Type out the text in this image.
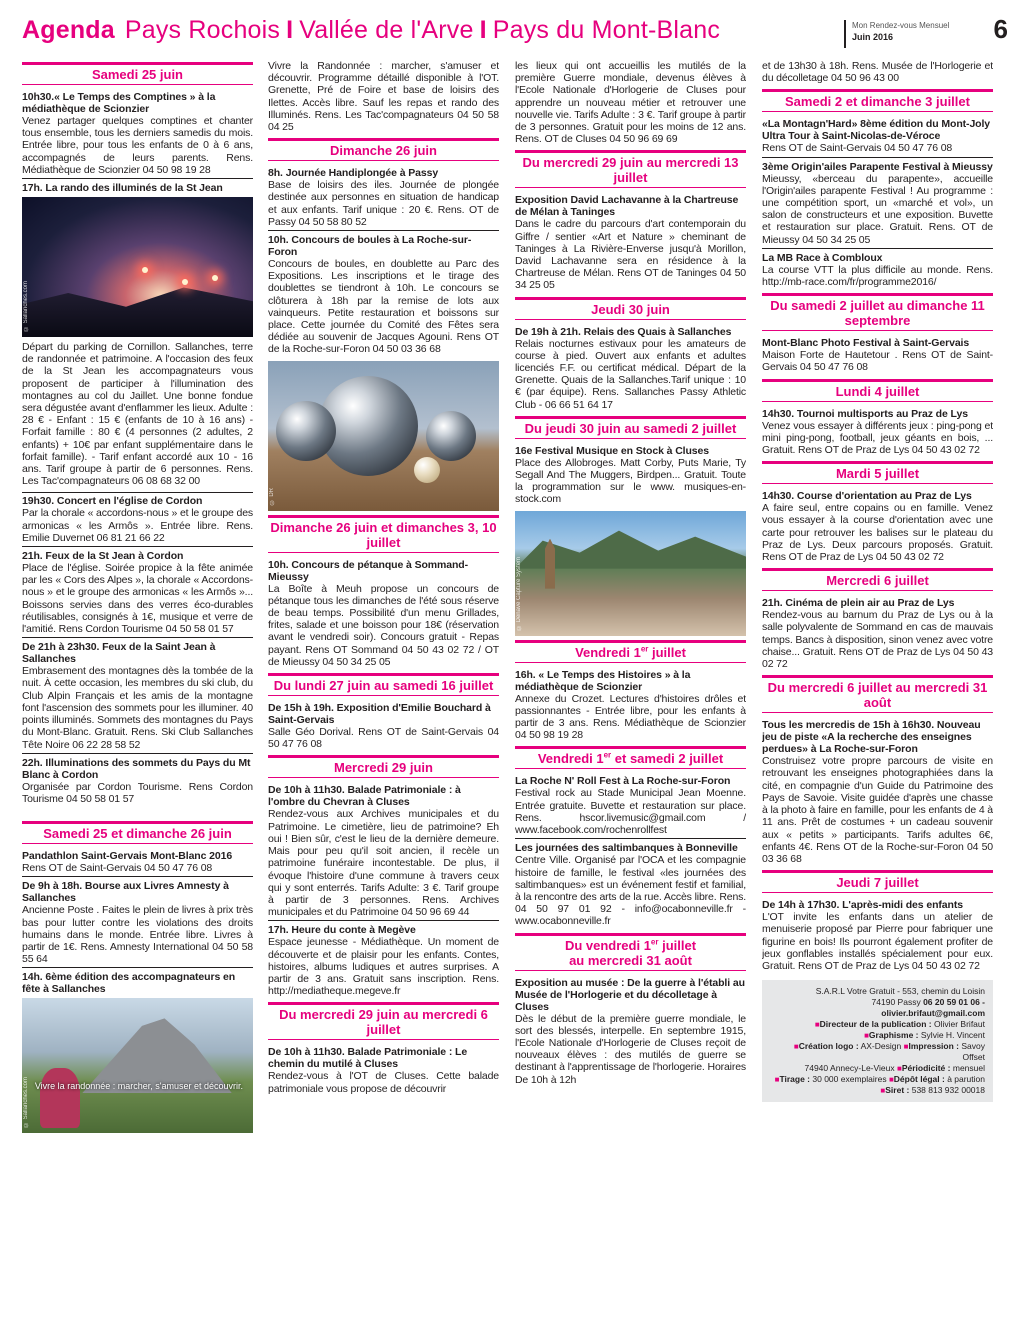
Agenda Pays Rochois I Vallée de l'Arve I Pays du Mont-Blanc	Mon Rendez-vous Mensuel
Juin 2016	6
Samedi 25 juin
10h30.« Le Temps des Comptines » à la médiathèque de Scionzier
Venez partager quelques comptines et chanter tous ensemble, tous les derniers samedis du mois. Entrée libre, pour tous les enfants de 0 à 6 ans, accompagnés de leurs parents. Rens. Médiathèque de Scionzier 04 50 98 19 28
17h. La rando des illuminés de la St Jean
© Sallanches.com
Départ du parking de Cornillon. Sallanches, terre de randonnée et patrimoine. A l'occasion des feux de la St Jean les accompagnateurs vous proposent de participer à l'illumination des montagnes au col du Jaillet. Une bonne fondue sera dégustée avant d'enflammer les lieux. Adulte : 28 € - Enfant : 15 € (enfants de 10 à 16 ans) - Forfait famille : 80 € (4 personnes (2 adultes, 2 enfants) + 10€ par enfant supplémentaire dans le forfait famille). - Tarif enfant accordé aux 10 - 16 ans. Tarif groupe à partir de 6 personnes. Rens. Les Tac'compagnateurs 06 08 68 32 00
19h30. Concert en l'église de Cordon
Par la chorale « accordons-nous » et le groupe des armonicas « les Armôs ». Entrée libre. Rens. Emilie Duvernet 06 81 21 66 22
21h. Feux de la St Jean à Cordon
Place de l'église. Soirée propice à la fête animée par les « Cors des Alpes », la chorale « Accordons-nous » et le groupe des armonicas « les Armôs »... Boissons servies dans des verres éco-durables réutilisables, consignés à 1€, musique et verre de l'amitié. Rens Cordon Tourisme 04 50 58 01 57
De 21h à 23h30. Feux de la Saint Jean à Sallanches
Embrasement des montagnes dès la tombée de la nuit. À cette occasion, les membres du ski club, du Club Alpin Français et les amis de la montagne font l'ascension des sommets pour les illuminer. 40 points illuminés. Sommets des montagnes du Pays du Mont-Blanc. Gratuit. Rens. Ski Club Sallanches Tête Noire 06 22 28 58 52
22h. Illuminations des sommets du Pays du Mt Blanc à Cordon
Organisée par Cordon Tourisme. Rens Cordon Tourisme 04 50 58 01 57
Samedi 25 et dimanche 26 juin
Pandathlon Saint-Gervais Mont-Blanc 2016
Rens OT de Saint-Gervais 04 50 47 76 08
De 9h à 18h. Bourse aux Livres Amnesty à Sallanches
Ancienne Poste . Faites le plein de livres à prix très bas pour lutter contre les violations des droits humains dans le monde. Entrée libre. Livres à partir de 1€. Rens. Amnesty International 04 50 58 55 64
14h. 6ème édition des accompagnateurs en fête à Sallanches
Vivre la randonnée : marcher, s'amuser et découvrir.
© Sallanches.com
Vivre la Randonnée : marcher, s'amuser et découvrir. Programme détaillé disponible à l'OT. Grenette, Pré de Foire et base de loisirs des Ilettes. Accès libre. Sauf les repas et rando des Illuminés. Rens. Les Tac'compagnateurs 04 50 58 04 25
Dimanche 26 juin
8h. Journée Handiplongée à Passy
Base de loisirs des iles. Journée de plongée destinée aux personnes en situation de handicap et aux enfants. Tarif unique : 20 €. Rens. OT de Passy 04 50 58 80 52
10h. Concours de boules à La Roche-sur-Foron
Concours de boules, en doublette au Parc des Expositions. Les inscriptions et le tirage des doublettes se tiendront à 10h. Le concours se clôturera à 18h par la remise de lots aux vainqueurs. Petite restauration et boissons sur place. Cette journée du Comité des Fêtes sera dédiée au souvenir de Jacques Agouni. Rens OT de la Roche-sur-Foron 04 50 03 36 68
© DR
Dimanche 26 juin et dimanches 3, 10 juillet
10h. Concours de pétanque à Sommand-Mieussy
La Boîte à Meuh propose un concours de pétanque tous les dimanches de l'été sous réserve de beau temps. Possibilité d'un menu Grillades, frites, salade et une boisson pour 18€ (réservation avant le vendredi soir). Concours gratuit - Repas payant. Rens OT Sommand 04 50 43 02 72 / OT de Mieussy 04 50 34 25 05
Du lundi 27 juin au samedi 16 juillet
De 15h à 19h. Exposition d'Emilie Bouchard à Saint-Gervais
Salle Géo Dorival. Rens OT de Saint-Gervais 04 50 47 76 08
Mercredi 29 juin
De 10h à 11h30. Balade Patrimoniale : à l'ombre du Chevran à Cluses
Rendez-vous aux Archives municipales et du Patrimoine. Le cimetière, lieu de patrimoine? Eh oui ! Bien sûr, c'est le lieu de la dernière demeure. Mais pour peu qu'il soit ancien, il recèle un patrimoine funéraire incontestable. De plus, il évoque l'histoire d'une commune à travers ceux qui y sont enterrés. Tarifs Adulte: 3 €. Tarif groupe à partir de 3 personnes. Rens. Archives municipales et du Patrimoine 04 50 96 69 44
17h. Heure du conte à Megève
Espace jeunesse - Médiathèque. Un moment de découverte et de plaisir pour les enfants. Contes, histoires, albums ludiques et autres surprises. A partir de 3 ans. Gratuit sans inscription. Rens. http://mediatheque.megeve.fr
Du mercredi 29 juin au mercredi 6 juillet
De 10h à 11h30. Balade Patrimoniale : Le chemin du mutilé à Cluses
Rendez-vous à l'OT de Cluses. Cette balade patrimoniale vous propose de découvrir
les lieux qui ont accueillis les mutilés de la première Guerre mondiale, devenus élèves à l'Ecole Nationale d'Horlogerie de Cluses pour apprendre un nouveau métier et retrouver une nouvelle vie. Tarifs Adulte : 3 €. Tarif groupe à partir de 3 personnes. Gratuit pour les moins de 12 ans. Rens. OT de Cluses 04 50 96 69 69
Du mercredi 29 juin au mercredi 13 juillet
Exposition David Lachavanne à la Chartreuse de Mélan à Taninges
Dans le cadre du parcours d'art contemporain du Giffre / sentier «Art et Nature » cheminant de Taninges à La Rivière-Enverse jusqu'à Morillon, David Lachavanne sera en résidence à la Chartreuse de Mélan. Rens OT de Taninges 04 50 34 25 05
Jeudi 30 juin
De 19h à 21h. Relais des Quais à Sallanches
Relais nocturnes estivaux pour les amateurs de course à pied. Ouvert aux enfants et adultes licenciés F.F. ou certificat médical. Départ de la Grenette. Quais de la Sallanches.Tarif unique : 10 € (par équipe). Rens. Sallanches Passy Athletic Club - 06 66 51 64 17
Du jeudi 30 juin au samedi 2 juillet
16e Festival Musique en Stock à Cluses
Place des Allobroges. Matt Corby, Puts Marie, Ty Segall And The Muggers, Birdpen... Gratuit. Toute la programmation sur le www. musiques-en-stock.com
© Denave Capture System
Vendredi 1er juillet
16h. « Le Temps des Histoires » à la médiathèque de Scionzier
Annexe du Crozet. Lectures d'histoires drôles et passionnantes - Entrée libre, pour les enfants à partir de 3 ans. Rens. Médiathèque de Scionzier 04 50 98 19 28
Vendredi 1er et samedi 2 juillet
La Roche N' Roll Fest à La Roche-sur-Foron
Festival rock au Stade Municipal Jean Moenne. Entrée gratuite. Buvette et restauration sur place. Rens. hscor.livemusic@gmail.com / www.facebook.com/rochenrollfest
Les journées des saltimbanques à Bonneville
Centre Ville. Organisé par l'OCA et les compagnie histoire de famille, le festival «les journées des saltimbanques» est un événement festif et familial, à la rencontre des arts de la rue. Accès libre. Rens. 04 50 97 01 92 - info@ocabonneville.fr - www.ocabonneville.fr
Du vendredi 1er juillet
au mercredi 31 août
Exposition au musée : De la guerre à l'établi au Musée de l'Horlogerie et du décolletage à Cluses
Dès le début de la première guerre mondiale, le sort des blessés, interpelle. En septembre 1915, l'Ecole Nationale d'Horlogerie de Cluses reçoit de nouveaux élèves : des mutilés de guerre se destinant à l'apprentissage de l'horlogerie. Horaires De 10h à 12h
et de 13h30 à 18h. Rens. Musée de l'Horlogerie et du décolletage 04 50 96 43 00
Samedi 2 et dimanche 3 juillet
«La Montagn'Hard» 8ème édition du Mont-Joly Ultra Tour à Saint-Nicolas-de-Véroce
Rens OT de Saint-Gervais 04 50 47 76 08
3ème Origin'ailes Parapente Festival à Mieussy
Mieussy, «berceau du parapente», accueille l'Origin'ailes parapente Festival ! Au programme : une compétition sport, un «marché et vol», un salon de constructeurs et une exposition. Buvette et restauration sur place. Gratuit. Rens. OT de Mieussy 04 50 34 25 05
La MB Race à Combloux
La course VTT la plus difficile au monde. Rens. http://mb-race.com/fr/programme2016/
Du samedi 2 juillet au dimanche 11 septembre
Mont-Blanc Photo Festival à Saint-Gervais
Maison Forte de Hautetour . Rens OT de Saint-Gervais 04 50 47 76 08
Lundi 4 juillet
14h30. Tournoi multisports au Praz de Lys
Venez vous essayer à différents jeux : ping-pong et mini ping-pong, football, jeux géants en bois, ... Gratuit. Rens OT de Praz de Lys 04 50 43 02 72
Mardi 5 juillet
14h30. Course d'orientation au Praz de Lys
A faire seul, entre copains ou en famille. Venez vous essayer à la course d'orientation avec une carte pour retrouver les balises sur le plateau du Praz de Lys. Deux parcours proposés. Gratuit. Rens OT de Praz de Lys 04 50 43 02 72
Mercredi 6 juillet
21h. Cinéma de plein air au Praz de Lys
Rendez-vous au barnum du Praz de Lys ou à la salle polyvalente de Sommand en cas de mauvais temps. Bancs à disposition, sinon venez avec votre chaise... Gratuit. Rens OT de Praz de Lys 04 50 43 02 72
Du mercredi 6 juillet au mercredi 31 août
Tous les mercredis de 15h à 16h30. Nouveau jeu de piste «A la recherche des enseignes perdues» à La Roche-sur-Foron
Construisez votre propre parcours de visite en retrouvant les enseignes photographiées dans la cité, en compagnie d'un Guide du Patrimoine des Pays de Savoie. Visite guidée d'après une chasse à la photo à faire en famille, pour les enfants de 4 à 11 ans. Prêt de costumes + un cadeau souvenir aux « petits » participants. Tarifs adultes 6€, enfants 4€. Rens OT de la Roche-sur-Foron 04 50 03 36 68
Jeudi 7 juillet
De 14h à 17h30. L'après-midi des enfants
L'OT invite les enfants dans un atelier de menuiserie proposé par Pierre pour fabriquer une figurine en bois! Ils pourront également profiter de jeux gonflables installés spécialement pour eux. Gratuit. Rens OT de Praz de Lys 04 50 43 02 72
S.A.R.L Votre Gratuit - 553, chemin du Loisin
74190 Passy 06 20 59 01 06 - olivier.brifaut@gmail.com
■Directeur de la publication : Olivier Brifaut
■Graphisme : Sylvie H. Vincent
■Création logo : AX-Design ■Impression : Savoy Offset
74940 Annecy-Le-Vieux ■Périodicité : mensuel
■Tirage : 30 000 exemplaires ■Dépôt légal : à parution
■Siret : 538 813 932 00018
